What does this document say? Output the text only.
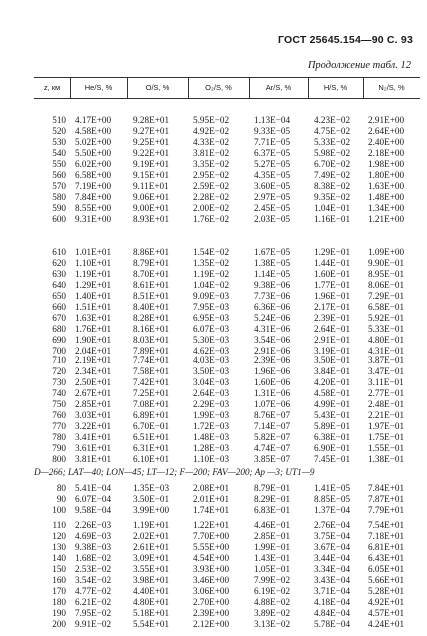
ГОСТ 25645.154—90 С. 93
Продолжение табл. 12
z, км	He/S, %	O/S, %	O₂/S, %	Ar/S, %	H/S, %	N₂/S, %
510 4.17E+00 9.28E+01	5.95E−02	1.13E−04	4.23E−02 2.91E+00
520 4.58E+00 9.27E+01	4.92E−02	9.33E−05	4.75E−02 2.64E+00
530 5.02E+00 9.25E+01	4.33E−02	7.71E−05	5.33E−02 2.40E+00
540 5.50E+00 9.22E+01	3.81E−02	6.37E−05	5.98E−02 2.18E+00
550 6.02E+00 9.19E+01	3.35E−02	5.27E−05	6.70E−02 1.98E+00
560 6.58E+00 9.15E+01	2.95E−02	4.35E−05	7.49E−02 1.80E+00
570 7.19E+00 9.11E+01	2.59E−02	3.60E−05	8.38E−02 1.63E+00
580 7.84E+00 9.06E+01	2.28E−02	2.97E−05	9.35E−02 1.48E+00
590 8.55E+00 9.00E+01	2.00E−02	2.45E−05	1.04E−01 1.34E+00
600 9.31E+00 8.93E+01	1.76E−02	2.03E−05	1.16E−01 1.21E+00
610 1.01E+01 8.86E+01	1.54E−02	1.67E−05	1.29E−01 1.09E+00
620 1.10E+01 8.79E+01	1.35E−02	1.38E−05	1.44E−01 9.90E−01
630 1.19E+01 8.70E+01	1.19E−02	1.14E−05	1.60E−01 8.95E−01
640 1.29E+01 8.61E+01	1.04E−02	9.38E−06	1.77E−01 8.06E−01
650 1.40E+01 8.51E+01	9.09E−03	7.73E−06	1.96E−01 7.29E−01
660 1.51E+01 8.40E+01	7.95E−03	6.36E−06	2.17E−01 6.58E−01
670 1.63E+01 8.28E+01	6.95E−03	5.24E−06	2.39E−01 5.92E−01
680 1.76E+01 8.16E+01	6.07E−03	4.31E−06	2.64E−01 5.33E−01
690 1.90E+01 8.03E+01	5.30E−03	3.54E−06	2.91E−01 4.80E−01
700 2.04E+01 7.89E+01	4.62E−03	2.91E−06	3.19E−01 4.31E−01
710 2.19E+01 7.74E+01	4.03E−03	2.39E−06	3.50E−01 3.87E−01
720 2.34E+01 7.58E+01	3.50E−03	1.96E−06	3.84E−01 3.47E−01
730 2.50E+01 7.42E+01	3.04E−03	1.60E−06	4.20E−01 3.11E−01
740 2.67E+01 7.25E+01	2.64E−03	1.31E−06	4.58E−01 2.77E−01
750 2.85E+01 7.08E+01	2.29E−03	1.07E−06	4.99E−01 2.48E−01
760 3.03E+01 6.89E+01	1.99E−03	8.76E−07	5.43E−01 2.21E−01
770 3.22E+01 6.70E−01	1.72E−03	7.14E−07	5.89E−01 1.97E−01
780 3.41E+01 6.51E+01	1.48E−03	5.82E−07	6.38E−01 1.75E−01
790 3.61E+01 6.31E+01	1.28E−03	4.74E−07	6.90E−01 1.55E−01
800 3.81E+01 6.10E+01	1.10E−03	3.85E−07	7.45E−01 1.38E−01
D—266; LAT—40; LON—45; LT—12; F—200; FAV—200; Ap —3; UT1—9
80 5.41E−04 1.35E−03	2.08E+01	8.79E−01	1.41E−05 7.84E+01
90 6.07E−04 3.50E−01	2.01E+01	8.29E−01	8.85E−05 7.87E+01
100 9.58E−04 3.99E+00	1.74E+01	6.83E−01	1.37E−04 7.79E+01
110 2.26E−03 1.19E+01	1.22E+01	4.46E−01	2.76E−04 7.54E+01
120 4.69E−03 2.02E+01	7.70E+00	2.85E−01	3.75E−04 7.18E+01
130 9.38E−03 2.61E+01	5.55E+00	1.99E−01	3.67E−04 6.81E+01
140 1.68E−02 3.09E+01	4.54E+00	1.43E−01	3.44E−04 6.43E+01
150 2.53E−02 3.55E+01	3.93E+00	1.05E−01	3.34E−04 6.05E+01
160 3.54E−02 3.98E+01	3.46E+00	7.99E−02	3.43E−04 5.66E+01
170 4.77E−02 4.40E+01	3.06E+00	6.19E−02	3.71E−04 5.28E+01
180 6.21E−02 4.80E+01	2.70E+00	4.88E−02	4.18E−04 4.92E+01
190 7.95E−02 5.18E+01	2.39E+00	3.89E−02	4.84E−04 4.57E+01
200 9.91E−02 5.54E+01	2.12E+00	3.13E−02	5.78E−04 4.24E+01
